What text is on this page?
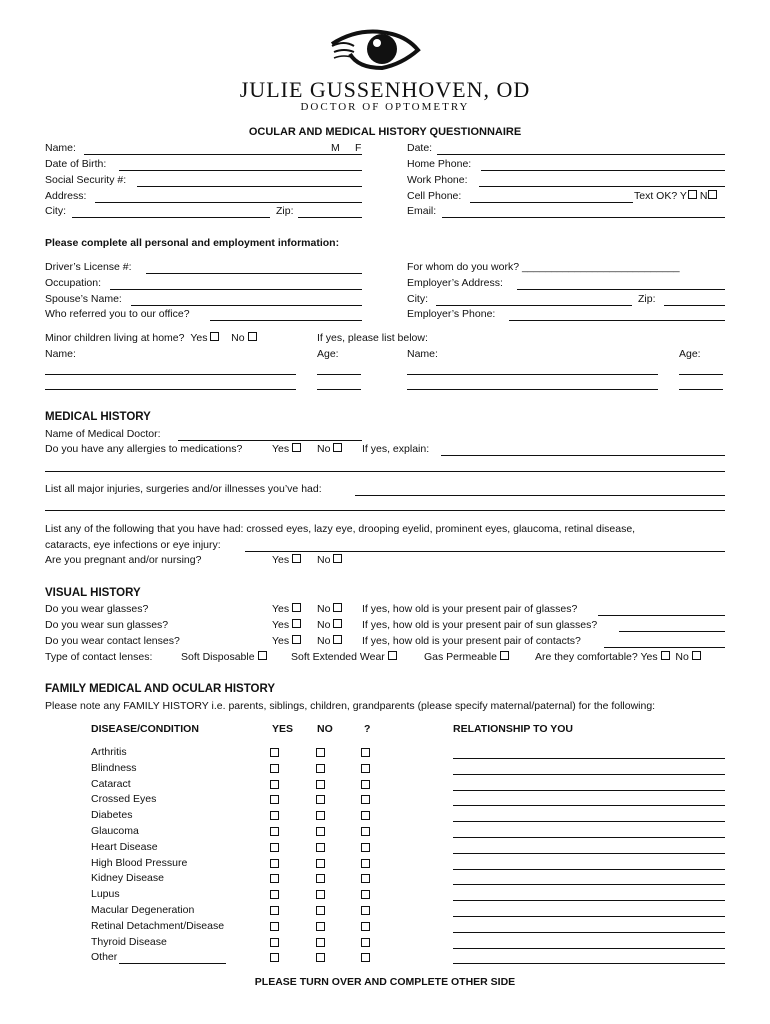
JULIE GUSSENHOVEN, OD
DOCTOR OF OPTOMETRY
OCULAR AND MEDICAL HISTORY QUESTIONNAIRE
Name:	M F
Date of Birth:
Social Security #:
Address:
City:	Zip:
Date:
Home Phone:
Work Phone:
Cell Phone:	Text OK? Y N
Email:
Please complete all personal and employment information:
Driver’s License #:
Occupation:
Spouse’s Name:
Who referred you to our office?
For whom do you work? ___________________________
Employer’s Address:
City:	Zip:
Employer’s Phone:
Minor children living at home? Yes No	If yes, please list below:
Name:	Age:	Name:	Age:
MEDICAL HISTORY
Name of Medical Doctor:
Do you have any allergies to medications?	Yes	No	If yes, explain:
List all major injuries, surgeries and/or illnesses you’ve had:
List any of the following that you have had: crossed eyes, lazy eye, drooping eyelid, prominent eyes, glaucoma, retinal disease,
cataracts, eye infections or eye injury:
Are you pregnant and/or nursing?	Yes	No
VISUAL HISTORY
Do you wear glasses?	Yes	No	If yes, how old is your present pair of glasses?
Do you wear sun glasses?	Yes	No	If yes, how old is your present pair of sun glasses?
Do you wear contact lenses?	Yes	No	If yes, how old is your present pair of contacts?
Type of contact lenses:	Soft Disposable	Soft Extended Wear	Gas Permeable	Are they comfortable? Yes No
FAMILY MEDICAL AND OCULAR HISTORY
Please note any FAMILY HISTORY i.e. parents, siblings, children, grandparents (please specify maternal/paternal) for the following:
DISEASE/CONDITION	YES NO	?	RELATIONSHIP TO YOU
Arthritis
Blindness
Cataract
Crossed Eyes
Diabetes
Glaucoma
Heart Disease
High Blood Pressure
Kidney Disease
Lupus
Macular Degeneration
Retinal Detachment/Disease
Thyroid Disease
Other
PLEASE TURN OVER AND COMPLETE OTHER SIDE
